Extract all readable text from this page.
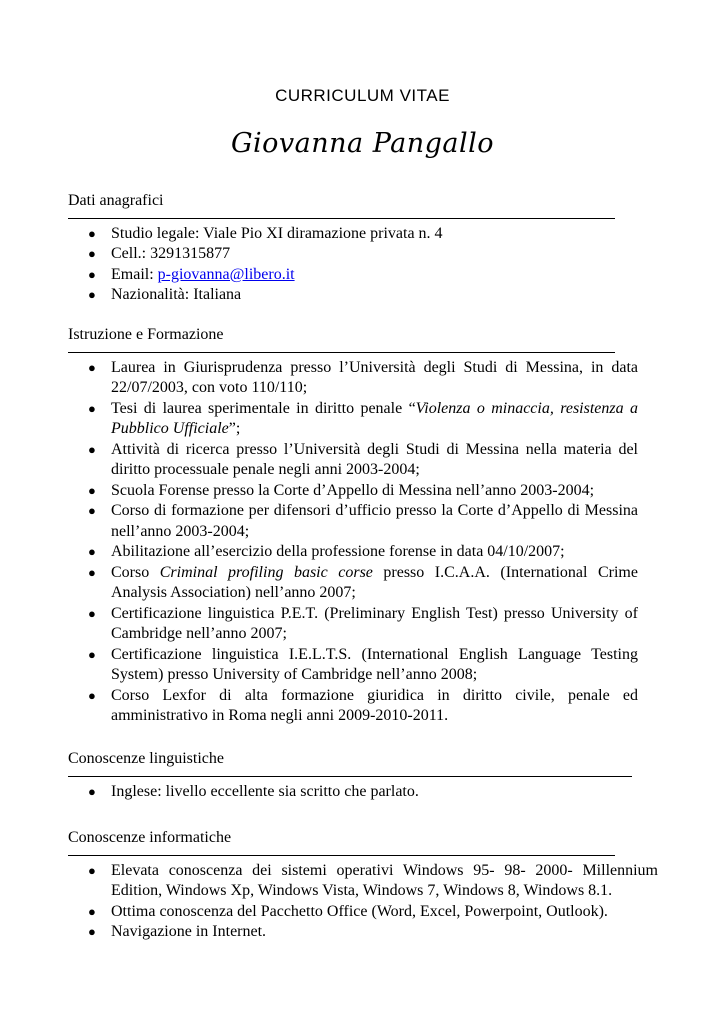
CURRICULUM VITAE
Giovanna Pangallo
Dati anagrafici
● Studio legale: Viale Pio XI diramazione privata n. 4
● Cell.: 3291315877
● Email: p-giovanna@libero.it
● Nazionalità: Italiana
Istruzione e Formazione
● Laurea in Giurisprudenza presso l’Università degli Studi di Messina, in data 22/07/2003, con voto 110/110;
● Tesi di laurea sperimentale in diritto penale “Violenza o minaccia, resistenza a Pubblico Ufficiale”;
● Attività di ricerca presso l’Università degli Studi di Messina nella materia del diritto processuale penale negli anni 2003-2004;
● Scuola Forense presso la Corte d’Appello di Messina nell’anno 2003-2004;
● Corso di formazione per difensori d’ufficio presso la Corte d’Appello di Messina nell’anno 2003-2004;
● Abilitazione all’esercizio della professione forense in data 04/10/2007;
● Corso Criminal profiling basic corse presso I.C.A.A. (International Crime Analysis Association) nell’anno 2007;
● Certificazione linguistica P.E.T. (Preliminary English Test) presso University of Cambridge nell’anno 2007;
● Certificazione linguistica I.E.L.T.S. (International English Language Testing System) presso University of Cambridge nell’anno 2008;
● Corso Lexfor di alta formazione giuridica in diritto civile, penale ed amministrativo in Roma negli anni 2009-2010-2011.
Conoscenze linguistiche
● Inglese: livello eccellente sia scritto che parlato.
Conoscenze informatiche
● Elevata conoscenza dei sistemi operativi Windows 95- 98- 2000- Millennium Edition, Windows Xp, Windows Vista, Windows 7, Windows 8, Windows 8.1.
● Ottima conoscenza del Pacchetto Office (Word, Excel, Powerpoint, Outlook).
● Navigazione in Internet.
